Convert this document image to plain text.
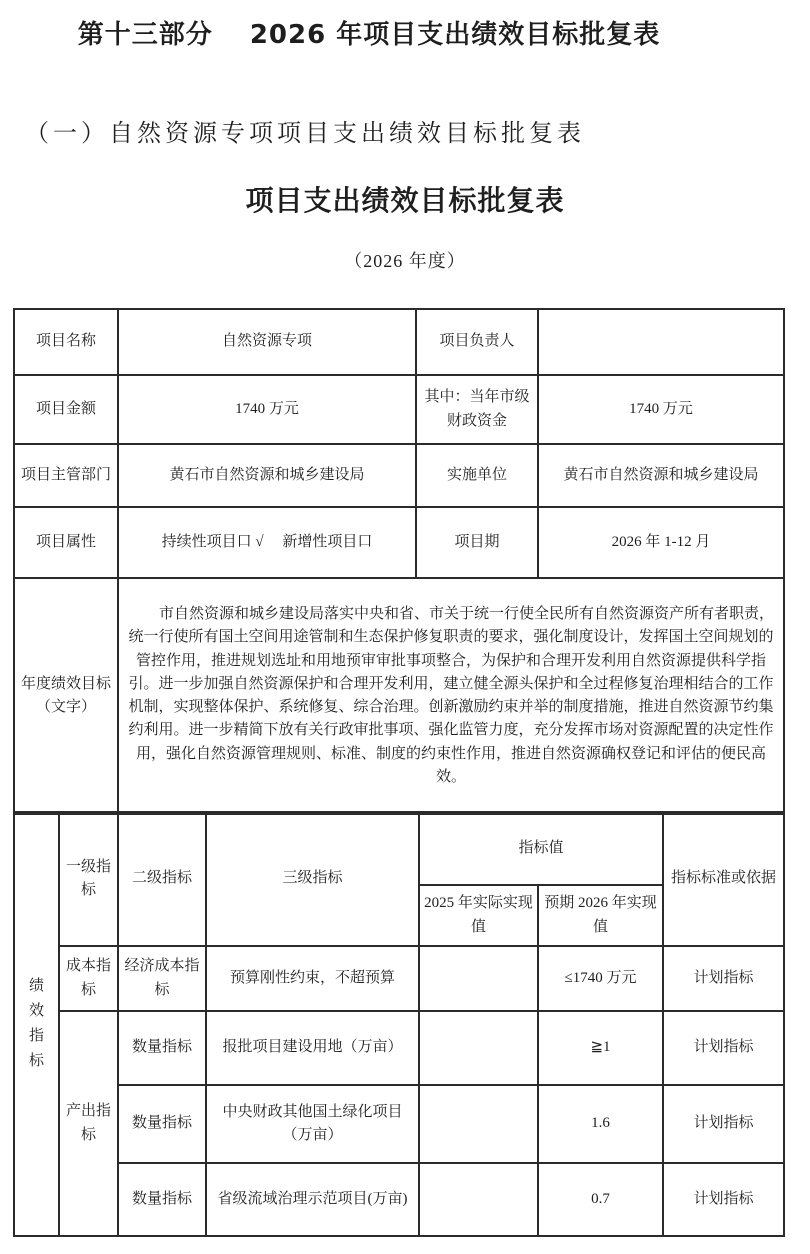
第十三部分　 2026 年项目支出绩效目标批复表
（一）自然资源专项项目支出绩效目标批复表
项目支出绩效目标批复表
（2026 年度）
项目名称	自然资源专项	项目负责人	
项目金额	1740 万元	其中：当年市级财政资金	1740 万元
项目主管部门	黄石市自然资源和城乡建设局	实施单位	黄石市自然资源和城乡建设局
项目属性	持续性项目口 √　 新增性项目口	项目期	2026 年 1-12 月
年度绩效目标（文字）	市自然资源和城乡建设局落实中央和省、市关于统一行使全民所有自然资源资产所有者职责，统一行使所有国土空间用途管制和生态保护修复职责的要求，强化制度设计，发挥国土空间规划的管控作用，推进规划选址和用地预审审批事项整合，为保护和合理开发利用自然资源提供科学指引。进一步加强自然资源保护和合理开发利用，建立健全源头保护和全过程修复治理相结合的工作机制，实现整体保护、系统修复、综合治理。创新激励约束并举的制度措施，推进自然资源节约集约利用。进一步精简下放有关行政审批事项、强化监管力度，充分发挥市场对资源配置的决定性作用，强化自然资源管理规则、标准、制度的约束性作用，推进自然资源确权登记和评估的便民高效。		
绩效指标	一级指标	二级指标	三级指标	指标值		指标标准或依据
				2025 年实际实现值	预期 2026 年实现值	
	成本指标	经济成本指标	预算刚性约束，不超预算		≤1740 万元	计划指标
	产出指标	数量指标	报批项目建设用地（万亩）		≧1	计划指标
		数量指标	中央财政其他国土绿化项目（万亩）		1.6	计划指标
		数量指标	省级流域治理示范项目(万亩)		0.7	计划指标
